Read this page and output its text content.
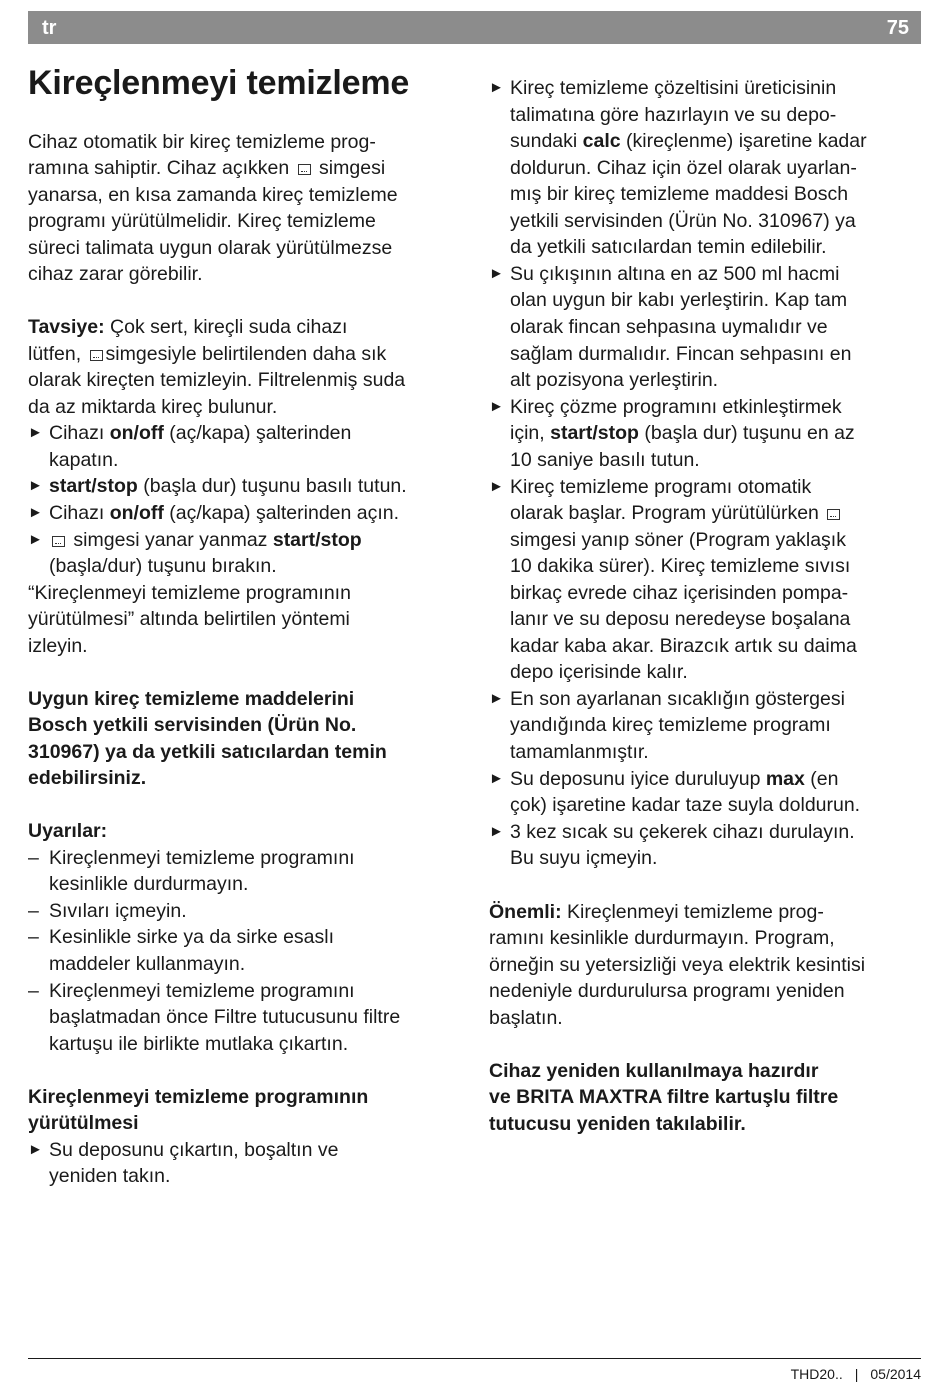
tr	75
Kireçlenmeyi temizleme
Cihaz otomatik bir kireç temizleme prog-
ramına sahiptir. Cihaz açıkken simgesi
yanarsa, en kısa zamanda kireç temizleme
programı yürütülmelidir. Kireç temizleme
süreci talimata uygun olarak yürütülmezse
cihaz zarar görebilir.
Tavsiye: Çok sert, kireçli suda cihazı
lütfen, simgesiyle belirtilenden daha sık
olarak kireçten temizleyin. Filtrelenmiş suda
da az miktarda kireç bulunur.
► Cihazı on/off (aç/kapa) şalterinden
kapatın.
► start/stop (başla dur) tuşunu basılı tutun.
► Cihazı on/off (aç/kapa) şalterinden açın.
► simgesi yanar yanmaz start/stop
(başla/dur) tuşunu bırakın.
“Kireçlenmeyi temizleme programının
yürütülmesi” altında belirtilen yöntemi
izleyin.
Uygun kireç temizleme maddelerini
Bosch yetkili servisinden (Ürün No.
310967) ya da yetkili satıcılardan temin
edebilirsiniz.
Uyarılar:
– Kireçlenmeyi temizleme programını
kesinlikle durdurmayın.
– Sıvıları içmeyin.
– Kesinlikle sirke ya da sirke esaslı
maddeler kullanmayın.
– Kireçlenmeyi temizleme programını
başlatmadan önce Filtre tutucusunu filtre
kartuşu ile birlikte mutlaka çıkartın.
Kireçlenmeyi temizleme programının
yürütülmesi
► Su deposunu çıkartın, boşaltın ve
yeniden takın.
► Kireç temizleme çözeltisini üreticisinin
talimatına göre hazırlayın ve su depo-
sundaki calc (kireçlenme) işaretine kadar
doldurun. Cihaz için özel olarak uyarlan-
mış bir kireç temizleme maddesi Bosch
yetkili servisinden (Ürün No. 310967) ya
da yetkili satıcılardan temin edilebilir.
► Su çıkışının altına en az 500 ml hacmi
olan uygun bir kabı yerleştirin. Kap tam
olarak fincan sehpasına uymalıdır ve
sağlam durmalıdır. Fincan sehpasını en
alt pozisyona yerleştirin.
► Kireç çözme programını etkinleştirmek
için, start/stop (başla dur) tuşunu en az
10 saniye basılı tutun.
► Kireç temizleme programı otomatik
olarak başlar. Program yürütülürken
simgesi yanıp söner (Program yaklaşık
10 dakika sürer). Kireç temizleme sıvısı
birkaç evrede cihaz içerisinden pompa-
lanır ve su deposu neredeyse boşalana
kadar kaba akar. Birazcık artık su daima
depo içerisinde kalır.
► En son ayarlanan sıcaklığın göstergesi
yandığında kireç temizleme programı
tamamlanmıştır.
► Su deposunu iyice duruluyup max (en
çok) işaretine kadar taze suyla doldurun.
► 3 kez sıcak su çekerek cihazı durulayın.
Bu suyu içmeyin.
Önemli: Kireçlenmeyi temizleme prog-
ramını kesinlikle durdurmayın. Program,
örneğin su yetersizliği veya elektrik kesintisi
nedeniyle durdurulursa programı yeniden
başlatın.
Cihaz yeniden kullanılmaya hazırdır
ve BRITA MAXTRA filtre kartuşlu filtre
tutucusu yeniden takılabilir.
THD20.. | 05/2014
